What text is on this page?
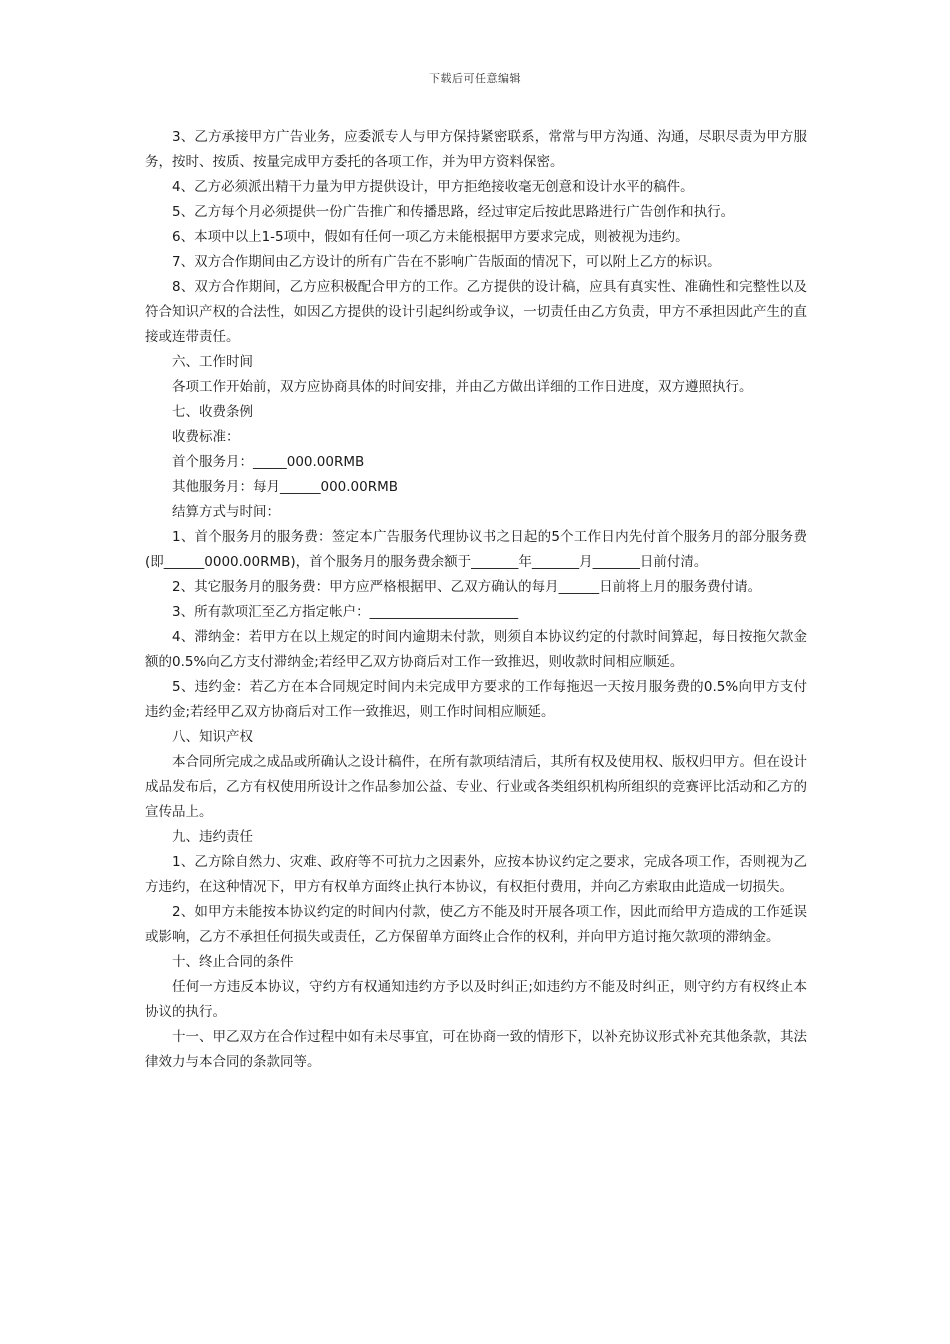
下载后可任意编辑

3、乙方承接甲方广告业务，应委派专人与甲方保持紧密联系，常常与甲方沟通、沟通，尽职尽责为甲方服务，按时、按质、按量完成甲方委托的各项工作，并为甲方资料保密。

4、乙方必须派出精干力量为甲方提供设计，甲方拒绝接收毫无创意和设计水平的稿件。

5、乙方每个月必须提供一份广告推广和传播思路，经过审定后按此思路进行广告创作和执行。

6、本项中以上1-5项中，假如有任何一项乙方未能根据甲方要求完成，则被视为违约。

7、双方合作期间由乙方设计的所有广告在不影响广告版面的情况下，可以附上乙方的标识。

8、双方合作期间，乙方应积极配合甲方的工作。乙方提供的设计稿，应具有真实性、准确性和完整性以及符合知识产权的合法性，如因乙方提供的设计引起纠纷或争议，一切责任由乙方负责，甲方不承担因此产生的直接或连带责任。

六、工作时间

各项工作开始前，双方应协商具体的时间安排，并由乙方做出详细的工作日进度，双方遵照执行。

七、收费条例

收费标准：

首个服务月：_____000.00RMB

其他服务月：每月______000.00RMB

结算方式与时间：

1、首个服务月的服务费：签定本广告服务代理协议书之日起的5个工作日内先付首个服务月的部分服务费(即______0000.00RMB)，首个服务月的服务费余额于_______年_______月_______日前付清。

2、其它服务月的服务费：甲方应严格根据甲、乙双方确认的每月______日前将上月的服务费付请。

3、所有款项汇至乙方指定帐户：______________________

4、滞纳金：若甲方在以上规定的时间内逾期未付款，则须自本协议约定的付款时间算起，每日按拖欠款金额的0.5%向乙方支付滞纳金;若经甲乙双方协商后对工作一致推迟，则收款时间相应顺延。

5、违约金：若乙方在本合同规定时间内未完成甲方要求的工作每拖迟一天按月服务费的0.5%向甲方支付违约金;若经甲乙双方协商后对工作一致推迟，则工作时间相应顺延。

八、知识产权

本合同所完成之成品或所确认之设计稿件，在所有款项结清后，其所有权及使用权、版权归甲方。但在设计成品发布后，乙方有权使用所设计之作品参加公益、专业、行业或各类组织机构所组织的竞赛评比活动和乙方的宣传品上。

九、违约责任

1、乙方除自然力、灾难、政府等不可抗力之因素外，应按本协议约定之要求，完成各项工作，否则视为乙方违约，在这种情况下，甲方有权单方面终止执行本协议，有权拒付费用，并向乙方索取由此造成一切损失。

2、如甲方未能按本协议约定的时间内付款，使乙方不能及时开展各项工作，因此而给甲方造成的工作延误或影响，乙方不承担任何损失或责任，乙方保留单方面终止合作的权利，并向甲方追讨拖欠款项的滞纳金。

十、终止合同的条件

任何一方违反本协议，守约方有权通知违约方予以及时纠正;如违约方不能及时纠正，则守约方有权终止本协议的执行。

十一、甲乙双方在合作过程中如有未尽事宜，可在协商一致的情形下，以补充协议形式补充其他条款，其法律效力与本合同的条款同等。
